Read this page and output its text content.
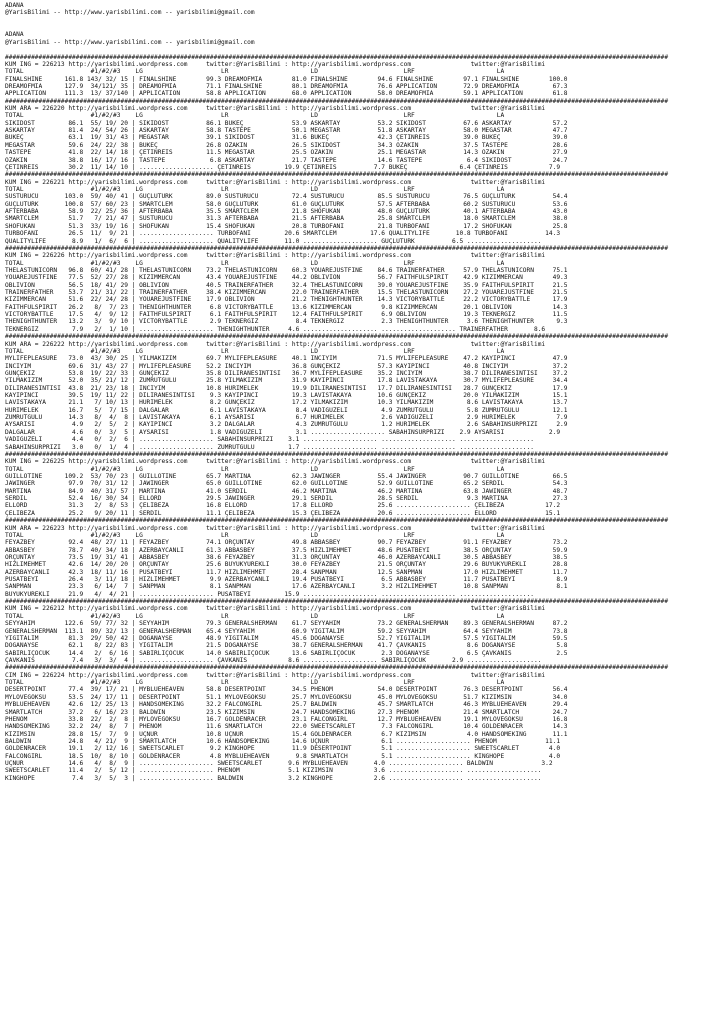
ADANA
@YarisBilimi -- http://www.yarisbilimi.com -- yarisbilimi@gmail.com
ADANA
@YarisBilimi -- http://www.yarisbilimi.com -- yarisbilimi@gmail.com
##################################################################################################################################################################################
KUM ING = 226213 http://yarisbilimi.wordpress.com     twitter:@YarisBilimi : http://yarisbilimi.wordpress.com                twitter:@YarisBilimi
TOTAL                  #1/#2/#3    LG                     LR                      LD                       LRF                      LA
FINALSHINE      161.8 143/ 32/ 15 | FINALSHINE        99.3 DREAMOFMIA        81.0 FINALSHINE        94.6 FINALSHINE        97.1 FINALSHINE        100.0
DREAMOFMIA      127.9  34/121/ 35 | DREAMOFMIA        71.1 FINALSHINE        80.1 DREAMOFMIA        76.6 APPLICATION       72.9 DREAMOFMIA         67.3
APPLICATION     111.3  13/ 37/140 | APPLICATION       58.8 APPLICATION       68.0 APPLICATION       58.0 DREAMOFMIA        59.1 APPLICATION        61.8
##################################################################################################################################################################################
KUM ARA = 226220 http://yarisbilimi.wordpress.com     twitter:@YarisBilimi : http://yarisbilimi.wordpress.com                twitter:@YarisBilimi
TOTAL                  #1/#2/#3    LG                     LR                      LD                       LRF                      LA
SIKIDOST         86.1  55/ 19/ 20 | SIKIDOST          86.1 BÜKEÇ             53.9 ASKARTAY          53.2 SIKIDOST          67.6 ASKARTAY           57.2
ASKARTAY         81.4  24/ 54/ 26 | ASKARTAY          58.8 TASTEPE           50.1 MEGASTAR          51.8 ASKARTAY          58.0 MEGASTAR           47.7
BÜKEÇ            63.1  19/ 31/ 43 | MEGASTAR          39.1 SIKIDOST          31.6 BÜKEÇ             42.3 ÇETINREIS         39.0 BÜKEÇ              39.0
MEGASTAR         59.6  24/ 22/ 38 | BÜKEÇ             26.8 OZAKIN            26.5 SIKIDOST          34.3 OZAKIN            37.5 TASTEPE            28.6
TASTEPE          41.8  22/ 14/ 18 | ÇETINREIS         11.5 MEGASTAR          25.5 OZAKIN            25.1 MEGASTAR          14.3 OZAKIN             27.9
OZAKIN           38.8  16/ 17/ 16 | TASTEPE            6.8 ASKARTAY          21.7 TASTEPE           14.6 TASTEPE            6.4 SIKIDOST           24.7
ÇETINREIS        30.2  11/ 14/ 10 | .................... ÇETINREIS         19.9 ÇETINREIS          7.7 BÜKEÇ              6.4 ÇETINREIS           7.9
##################################################################################################################################################################################
KUM ING = 226221 http://yarisbilimi.wordpress.com     twitter:@YarisBilimi : http://yarisbilimi.wordpress.com                twitter:@YarisBilimi
TOTAL                  #1/#2/#3    LG                     LR                      LD                       LRF                      LA
SUSTURUCU       103.0  59/ 40/ 41 | GÜÇLÜTÜRK         89.0 SUSTURUCU         72.4 SUSTURUCU         85.5 SUSTURUCU         76.5 GÜÇLÜTÜRK          54.4
GÜÇLÜTÜRK       100.8  57/ 60/ 23 | SMARTCLEM         58.0 GÜÇLÜTÜRK         61.0 GÜÇLÜTÜRK         57.5 AFTERBABA         60.2 SUSTURUCU          53.6
AFTERBABA        58.9  22/ 25/ 36 | AFTERBABA         35.5 SMARTCLEM         21.8 SHOFUKAN          48.0 GÜÇLÜTÜRK         40.1 AFTERBABA          43.0
SMARTCLEM        51.7   7/ 21/ 47 | SUSTURUCU         31.3 AFTERBABA         21.5 AFTERBABA         25.8 SMARTCLEM         18.0 SMARTCLEM          38.0
SHOFUKAN         51.3  33/ 19/ 16 | SHOFUKAN          15.4 SHOFUKAN          20.8 TURBOFANI         21.8 TURBOFANI         17.2 SHOFUKAN           25.8
TURBOFANI        26.5  11/  9/ 21 | .................... TURBOFANI         20.6 SMARTCLEM         17.6 QUALITYLIFE       10.8 TURBOFANI          14.3
QUALITYLIFE       8.9   1/  6/  6 | .................... QUALITYLIFE       11.0 .................... GÜÇLÜTÜRK          6.5 ....................
##################################################################################################################################################################################
KUM ING = 226226 http://yarisbilimi.wordpress.com     twitter:@YarisBilimi : http://yarisbilimi.wordpress.com                twitter:@YarisBilimi
TOTAL                  #1/#2/#3    LG                     LR                      LD                       LRF                      LA
THELASTUNICORN   96.8  60/ 41/ 28 | THELASTUNICORN    73.2 THELASTUNICORN    60.3 YOUAREJUSTFINE    84.6 TRAINERFATHER     57.9 THELASTUNICORN     75.1
YOUAREJUSTFINE   77.5  52/ 27/ 28 | KIZIMMERCAN       43.4 YOUAREJUSTFINE    44.2 OBLIVION          56.7 FAITHFULSPIRIT    42.9 KIZIMMERCAN        49.3
OBLIVION         56.5  18/ 41/ 29 | OBLIVION          40.5 TRAINERFATHER     32.4 THELASTUNICORN    39.0 YOUAREJUSTFINE    35.9 FAITHFULSPIRIT     21.5
TRAINERFATHER    53.7  21/ 31/ 22 | TRAINERFATHER     38.4 KIZIMMERCAN       22.0 TRAINERFATHER     15.5 THELASTUNICORN    27.2 YOUAREJUSTFINE     21.5
KIZIMMERCAN      51.6  22/ 24/ 28 | YOUAREJUSTFINE    17.9 OBLIVION          21.2 THENIGHTHUNTER    14.3 VICTORYBATTLE     22.2 VICTORYBATTLE      17.9
FAITHFULSPIRIT   26.2   8/  7/ 23 | THENIGHTHUNTER     6.8 VICTORYBATTLE     13.6 KIZIMMERCAN        9.8 KIZIMMERCAN       20.1 OBLIVION           14.3
VICTORYBATTLE    17.5   4/  9/ 12 | FAITHFULSPIRIT     6.1 FAITHFULSPIRIT    12.4 FAITHFULSPIRIT     6.9 OBLIVION          19.3 TEKNERGIZ          11.5
THENIGHTHUNTER   13.2   3/  9/ 10 | VICTORYBATTLE      2.9 TEKNERGIZ          8.4 TEKNERGIZ          2.3 THENIGHTHUNTER     3.6 THENIGHTHUNTER      9.3
TEKNERGIZ         7.9   2/  1/ 10 | .................... THENIGHTHUNTER     4.6 .................... .................... TRAINERFATHER       8.6
##################################################################################################################################################################################
KUM ARA = 226222 http://yarisbilimi.wordpress.com     twitter:@YarisBilimi : http://yarisbilimi.wordpress.com                twitter:@YarisBilimi
TOTAL                  #1/#2/#3    LG                     LR                      LD                       LRF                      LA
MYLIFEPLEASURE   73.0  43/ 30/ 25 | YILMAKIZIM        69.7 MYLIFEPLEASURE    40.1 INCIYIM           71.5 MYLIFEPLEASURE    47.2 KAYIPINCI          47.9
INCIYIM          69.6  31/ 43/ 27 | MYLIFEPLEASURE    52.2 INCIYIM           36.8 GÜNÇEKIZ          57.3 KAYIPINCI         40.8 INCIYIM            37.2
GÜNÇEKIZ         53.8  19/ 22/ 33 | GÜNÇEKIZ          35.8 DILIRANESINTISI   36.7 MYLIFEPLEASURE    35.2 INCIYIM           38.7 DILIRANESINTISI    37.2
YILMAKIZIM       52.0  35/ 21/ 12 | ZÜMRÜTGÜLÜ        25.8 YILMAKIZIM        31.9 KAYIPINCI         17.8 LAVISTAKAYA       30.7 MYLIFEPLEASURE     34.4
DILIRANESINTISI  43.8  21/ 23/ 18 | INCIYIM           10.8 HURIMELEK         19.9 DILIRANESINTISI   17.7 DILIRANESINTISI   28.7 GÜNÇEKIZ           17.9
KAYIPINCI        39.5  19/ 11/ 22 | DILIRANESINTISI    9.3 KAYIPINCI         19.3 LAVISTAKAYA       10.6 GÜNÇEKIZ          20.0 YILMAKIZIM         15.1
LAVISTAKAYA      21.1   7/ 10/ 13 | HURIMELEK          8.2 GÜNÇEKIZ          17.2 YILMAKIZIM        10.3 YILMAKIZIM         8.6 LAVISTAKAYA        13.7
HURIMELEK        16.7   5/  7/ 15 | DALGALAR           6.1 LAVISTAKAYA        8.4 VADIGÜZELI         4.9 ZÜMRÜTGÜLÜ         5.8 ZÜMRÜTGÜLÜ         12.1
ZÜMRÜTGÜLÜ       14.3   8/  4/  8 | LAVISTAKAYA        6.1 AYSARISI           6.7 HURIMELEK          2.6 VADIGÜZELI         2.9 HURIMELEK           7.9
AYSARISI          4.9   2/  5/  2 | KAYIPINCI          3.2 DALGALAR           4.3 ZÜMRÜTGÜLÜ         1.2 HURIMELEK          2.6 SABAHINSÜRPRIZI     2.9
DALGALAR          4.6   0/  3/  5 | AYSARISI           1.8 VADIGÜZELI         3.1 .................... SABAHINSÜRPRIZI    2.9 AYSARISI            2.9
VADIGÜZELI        4.4   0/  2/  6 | .................... SABAHINSÜRPRIZI    3.1 .................... .................... ....................
SABAHINSÜRPRIZI   3.0   0/  1/  4 | .................... ZÜMRÜTGÜLÜ         1.7 .................... .................... ....................
##################################################################################################################################################################################
KUM ING = 226225 http://yarisbilimi.wordpress.com     twitter:@YarisBilimi : http://yarisbilimi.wordpress.com                twitter:@YarisBilimi
TOTAL                  #1/#2/#3    LG                     LR                      LD                       LRF                      LA
GUILLOTINE      109.2  53/ 70/ 23 | GUILLOTINE        65.7 MARTINA           62.3 JAWINGER          55.4 JAWINGER          90.7 GUILLOTINE         66.5
JAWINGER         97.9  70/ 31/ 12 | JAWINGER          65.0 GUILLOTINE        62.0 GUILLOTINE        52.9 GUILLOTINE        65.2 SERDIL             54.3
MARTINA          84.9  40/ 31/ 57 | MARTINA           41.0 SERDIL            46.2 MARTINA           46.2 MARTINA           63.8 JAWINGER           48.7
SERDIL           52.4  16/ 30/ 34 | ELLORD            29.5 JAWINGER          29.1 SERDIL            28.5 SERDIL             9.3 MARTINA            27.3
ELLORD           31.3   2/  8/ 53 | ÇELIBEZA          16.8 ELLORD            17.8 ELLORD            25.6 .................... ÇELIBEZA           17.2
ÇELIBEZA         25.2   9/ 20/ 11 | SERDIL            11.1 ÇELIBEZA          15.3 ÇELIBEZA          20.6 .................... ELLORD             15.1
##################################################################################################################################################################################
KUM ARA = 226223 http://yarisbilimi.wordpress.com     twitter:@YarisBilimi : http://yarisbilimi.wordpress.com                twitter:@YarisBilimi
TOTAL                  #1/#2/#3    LG                     LR                      LD                       LRF                      LA
FEYAZBEY         92.4  48/ 27/ 11 | FEYAZBEY          74.1 ORÇUNTAY          49.8 ABBASBEY          90.7 FEYAZBEY          91.1 FEYAZBEY           73.2
ABBASBEY         78.7  40/ 34/ 18 | AZERBAYCANLI      61.3 ABBASBEY          37.5 HIZLIMEHMET       48.6 PUSATBEYI         38.5 ORÇUNTAY           59.9
ORÇUNTAY         73.5  19/ 31/ 41 | ABBASBEY          38.6 FEYAZBEY          31.3 ORÇUNTAY          46.0 AZERBAYCANLI      30.5 ABBASBEY           38.5
HIZLIMEHMET      42.6  14/ 20/ 20 | ORÇUNTAY          25.6 BÜYÜKYÜREKLI      30.0 FEYAZBEY          21.5 ORÇUNTAY          29.6 BÜYÜKYÜREKLI       28.8
AZERBAYCANLI     42.3  18/ 11/ 16 | PUSATBEYI         11.7 HIZLIMEHMET       28.4 SANPMAN           12.5 SANPMAN           17.0 HIZLIMEHMET        11.7
PUSATBEYI        26.4   3/ 11/ 18 | HIZLIMEHMET        9.9 AZERBAYCANLI      19.4 PUSATBEYI          6.5 ABBASBEY          11.7 PUSATBEYI           8.9
SANPMAN          23.3   6/ 14/  7 | SANPMAN            8.1 SANPMAN           17.6 AZERBAYCANLI       3.2 HIZLIMEHMET       10.8 SANPMAN             8.1
BÜYÜKYÜREKLI     21.9   4/  4/ 21 | .................... PUSATBEYI         15.9 .................... .................... ....................
##################################################################################################################################################################################
KUM ING = 226212 http://yarisbilimi.wordpress.com     twitter:@YarisBilimi : http://yarisbilimi.wordpress.com                twitter:@YarisBilimi
TOTAL                  #1/#2/#3    LG                     LR                      LD                       LRF                      LA
SEYYAHIM        122.6  59/ 77/ 32 | SEYYAHIM          79.3 GENERALSHERMAN    61.7 SEYYAHIM          73.2 GENERALSHERMAN    89.3 GENERALSHERMAN     87.2
GENERALSHERMAN  113.1  89/ 32/ 13 | GENERALSHERMAN    65.4 SEYYAHIM          60.9 YIGITALIM         59.2 SEYYAHIM          64.4 SEYYAHIM           73.8
YIGITALIM        81.3  29/ 50/ 42 | DOGANAYSE         48.9 YIGITALIM         45.6 DOGANAYSE         52.7 YIGITALIM         57.5 YIGITALIM          59.5
DOGANAYSE        62.1   8/ 22/ 83 | YIGITALIM         21.5 DOGANAYSE         38.7 GENERALSHERMAN    41.7 ÇAVKANIS           8.6 DOGANAYSE           5.8
SABIRLIÇOCUK     14.4   2/  6/ 16 | SABIRLIÇOCUK      14.0 SABIRLIÇOCUK      13.6 SABIRLIÇOCUK       2.3 DOGANAYSE          6.5 ÇAVKANIS            2.5
ÇAVKANIS          7.4   3/  3/  4 | .................... ÇAVKANIS           8.6 .................... SABIRLIÇOCUK       2.9 ....................
##################################################################################################################################################################################
CIM ING = 226224 http://yarisbilimi.wordpress.com     twitter:@YarisBilimi : http://yarisbilimi.wordpress.com                twitter:@YarisBilimi
TOTAL                  #1/#2/#3    LG                     LR                      LD                       LRF                      LA
DESERTPOINT      77.4  39/ 17/ 21 | MYBLUEHEAVEN      58.8 DESERTPOINT       34.5 PHENOM            54.0 DESERTPOINT       76.3 DESERTPOINT        56.4
MYLOVEGÖKSU      53.5  24/ 17/ 11 | DESERTPOINT       51.1 MYLOVEGÖKSU       25.7 MYLOVEGÖKSU       45.0 MYLOVEGÖKSU       51.7 KIZIMSIN           34.0
MYBLUEHEAVEN     42.6  12/ 25/ 13 | HANDSOMEKING      32.2 FALCONGIRL        25.7 BALDWIN           45.7 SMARTLATCH        46.3 MYBLUEHEAVEN       29.4
SMARTLATCH       37.2   6/ 16/ 23 | BALDWIN           23.5 KIZIMSIN          24.7 HANDSOMEKING      27.3 PHENOM            21.4 SMARTLATCH         24.7
PHENOM           33.8  22/  2/  8 | MYLOVEGÖKSU       16.7 GOLDENRACER       23.1 FALCONGIRL        12.7 MYBLUEHEAVEN      19.1 MYLOVEGÖKSU        16.8
HANDSOMEKING     32.2  24/  8/  7 | PHENOM            11.6 SMARTLATCH        22.0 SWEETSCARLET       7.3 FALCONGIRL        10.4 GOLDENRACER        14.3
KIZIMSIN         28.8  15/  7/  9 | ÜÇNUR             10.8 ÜÇNUR             15.4 GOLDENRACER        6.7 KIZIMSIN           4.0 HANDSOMEKING       11.1
BALDWIN          24.8   4/ 21/  9 | SMARTLATCH        10.6 HANDSOMEKING      14.6 ÜÇNUR              6.1 .................... PHENOM             11.1
GOLDENRACER      19.1   2/ 12/ 16 | SWEETSCARLET       9.2 KINGHOPE          11.9 DESERTPOINT        5.1 .................... SWEETSCARLET        4.0
FALCONGIRL       18.5  10/  8/ 10 | GOLDENRACER        4.8 MYBLUEHEAVEN       9.8 SMARTLATCH         5.1 .................... KINGHOPE            4.0
ÜÇNUR            14.6   4/  8/  9 | .................... SWEETSCARLET       9.6 MYBLUEHEAVEN       4.0 .................... BALDWIN             3.2
SWEETSCARLET     11.4   2/  5/ 12 | .................... PHENOM             5.1 KIZIMSIN           3.6 .................... ....................
KINGHOPE          7.4   3/  5/  3 | .................... BALDWIN            3.2 KINGHOPE           2.6 .................... ....................
